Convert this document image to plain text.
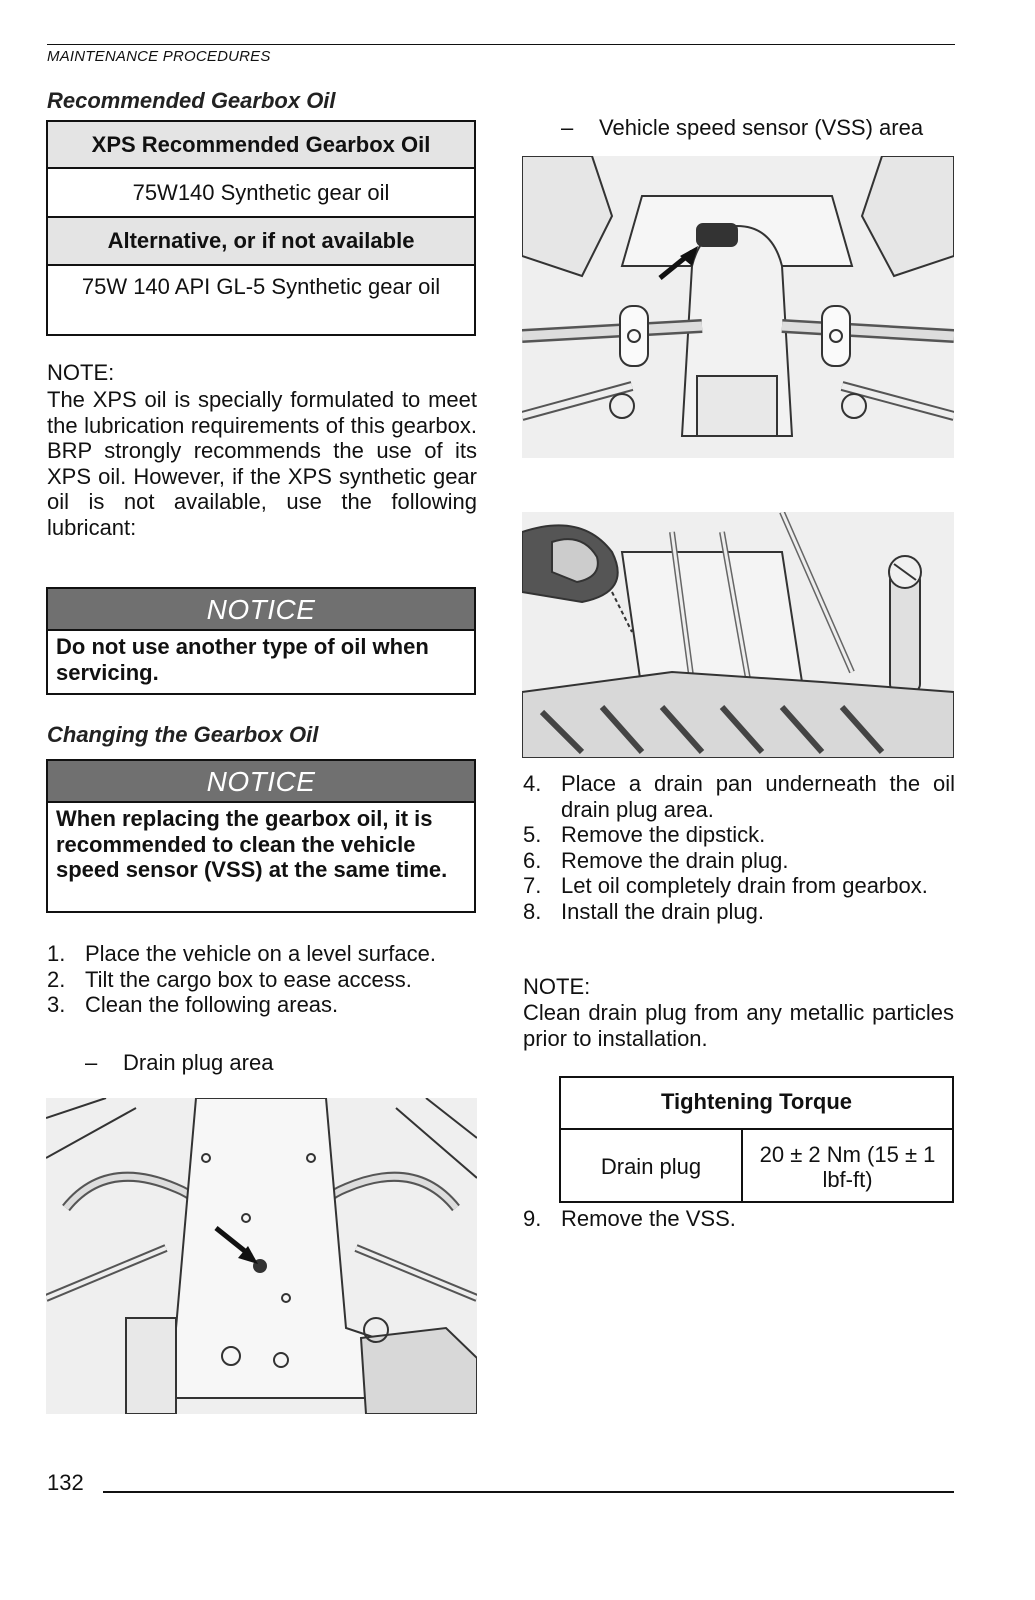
MAINTENANCE PROCEDURES
Recommended Gearbox Oil
XPS Recommended Gearbox Oil
75W140 Synthetic gear oil
Alternative, or if not available
75W 140 API GL-5 Synthetic gear oil
NOTE:
The XPS oil is specially formulated to meet the lubrication requirements of this gearbox. BRP strongly recommends the use of its XPS oil. However, if the XPS synthetic gear oil is not available, use the following lubricant:
NOTICE
Do not use another type of oil when servicing.
Changing the Gearbox Oil
NOTICE
When replacing the gearbox oil, it is recommended to clean the vehicle speed sensor (VSS) at the same time.
1. Place the vehicle on a level surface.
2. Tilt the cargo box to ease access.
3. Clean the following areas.
– Drain plug area
– Vehicle speed sensor (VSS) area
4. Place a drain pan underneath the oil drain plug area.
5. Remove the dipstick.
6. Remove the drain plug.
7. Let oil completely drain from gearbox.
8. Install the drain plug.
NOTE:
Clean drain plug from any metallic particles prior to installation.
Tightening Torque
Drain plug	20 ± 2 Nm (15 ± 1 lbf-ft)
9. Remove the VSS.
132
